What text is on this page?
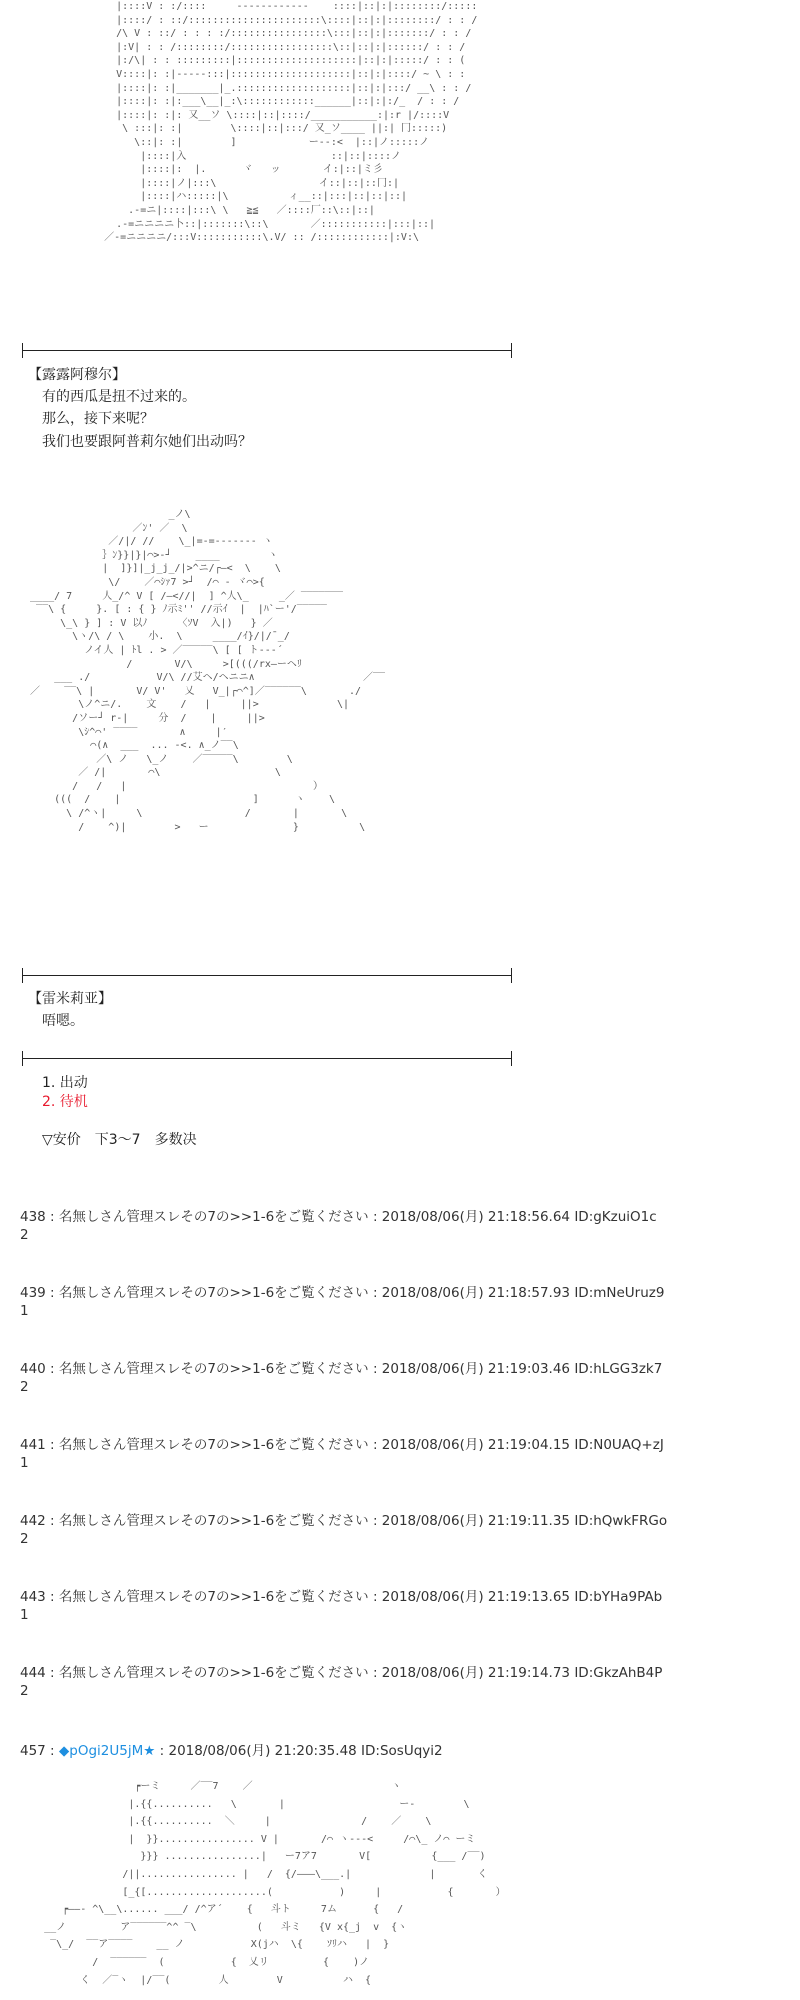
|::::V : :/::::     ------------    ::::|::|:|::::::::/:::::
|::::/ : ::/::::::::::::::::::::::\::::|::|:|::::::::/ : : /
/\ V : ::/ : : : :/::::::::::::::::\:::|::|:|:::::::/ : : /
|:V| : : /::::::::/:::::::::::::::::\::|::|:|::::::/ : : /
|:/\| : : :::::::::|::::::::::::::::::::|::|:|:::::/ : : (
V::::|: :|-----:::|::::::::::::::::::::|::|:|::::/ ~ \ : :
|::::|: :|_______|_.:::::::::::::::::::|::|:|:::/ __\ : : /
|::::|: :|:___\__|_:\::::::::::::______|::|:|:/_  / : : /
|::::|: :|: 又__ソ \::::|::|::::/___________:|:r |/::::V
\ :::|: :|        \::::|::|:::/ 又_ソ____ ||:| 冂:::::)
\::|: :|        ]            ー--:<  |::|ノ:::::ノ
|::::|入                        ::|::|::::ノ
|::::|:  |.      ヾ   ッ       イ:|::|ミ彡
|::::|ノ|:::\                 イ::|::|::冂:|
|::::|ハ:::::|\          ィ__::|:::|::|::|::|
.-=ニ|::::|:::\ \   ≧≦   ／::::厂::\::|::|
.-=ニニニニ卜::|:::::::\::\       ／:::::::::::|:::|::|
／-=ニニニニ/:::V:::::::::::\.V/ :: /::::::::::::|:V:\
【露露阿穆尔】
有的西瓜是扭不过来的。
那么，接下来呢？
我们也要跟阿普莉尔她们出动吗？
_ノ\
／ﾝ' ／  \
／/|/ //    \_|=-=------- ヽ
｝ﾝ}}|}|⌒>-┘    ____        ヽ
|  ]}]|_j_j_/|>^ニ/┌―<  \    \
\/    ／⌒ｼｧ7 >┘  /⌒ ‐ ヾ⌒>{
____/ 7     人_/^ V [ /―<//|  ] ^人\_     _／ ‾‾‾‾‾‾‾
‾‾\ {     }. [ : { } ﾉ示ﾐ'' //示ｲ  |  |ﾊ`ー'/‾‾‾‾‾
\_\ } ] : V 以ﾉ     〈ｿV  入|)   } ／
\ヽ/\ / \    小.  \     ____/ｲ}/|/¯_/
ノイ人 | ﾄl . > ／‾‾‾‾‾\ [ [ ト--‐´
/       V/\     >[(((/rx―ーヘﾘ
___ ./           V/\ //艾ヘ/ヘニニ∧                  ／‾‾
／    ‾‾\ |       V/ V'   乂   V_|┌⌒^]／‾‾‾‾‾‾\       ./
\ノ^ニ/.    文    /   |     ||>             \|
/ソー┘ r-|     分  /    |     ||>
\ｼ^⌒' ‾‾‾‾       ∧     |′
⌒(∧  ___  ... -<. ∧_ノ‾‾\
／\ ノ   \_ノ    ／‾‾‾‾‾\        \
／ /|       ⌒\                   \
/   /   |                               ）
(((  /    |                      ]      ヽ    \
\ /^ヽ|     \                 /       |       \
/    ^)|        >   ー              }          \
【雷米莉亚】
唔嗯。
1. 出动
2. 待机
▽安价　下3～7　多数决
438 : 名無しさん管理スレその7の>>1-6をご覧ください : 2018/08/06(月) 21:18:56.64 ID:gKzuiO1c
2
439 : 名無しさん管理スレその7の>>1-6をご覧ください : 2018/08/06(月) 21:18:57.93 ID:mNeUruz9
1
440 : 名無しさん管理スレその7の>>1-6をご覧ください : 2018/08/06(月) 21:19:03.46 ID:hLGG3zk7
2
441 : 名無しさん管理スレその7の>>1-6をご覧ください : 2018/08/06(月) 21:19:04.15 ID:N0UAQ+zJ
1
442 : 名無しさん管理スレその7の>>1-6をご覧ください : 2018/08/06(月) 21:19:11.35 ID:hQwkFRGo
2
443 : 名無しさん管理スレその7の>>1-6をご覧ください : 2018/08/06(月) 21:19:13.65 ID:bYHa9PAb
1
444 : 名無しさん管理スレその7の>>1-6をご覧ください : 2018/08/06(月) 21:19:14.73 ID:GkzAhB4P
2
457 : ◆pOgi2U5jM★ : 2018/08/06(月) 21:20:35.48 ID:SosUqyi2
┍ーミ     ／‾‾7    ／                       ヽ
|.{{..........   \       |                   ー-        \
|.{{..........  ＼     |               /    ／    \
|  }}................ V |       /⌒ ヽ-‐-<     /⌒\_ ノ⌒ ーミ
}}} ................|   ー7ア7       V[          {___ /‾‾)
/||................ |   /  {/―――\___.|             |       く
[_{[....................(           )     |           {       ）
┍――‐ ^\__\...... ___/ /^ア´    {   斗ト     7ム      {   /
__ノ         ア‾‾‾‾‾‾^^ ‾\          (   斗ミ   {V x{_j  v  {ヽ
‾\_/  ‾‾ア‾‾‾‾    __ ノ           X(jハ  \{    ｿﾘハ   |  }
/  ‾‾‾‾‾‾  (           {  乂リ         {    )ノ
く  ／‾ヽ  |/‾‾(        人        V          ハ  {
